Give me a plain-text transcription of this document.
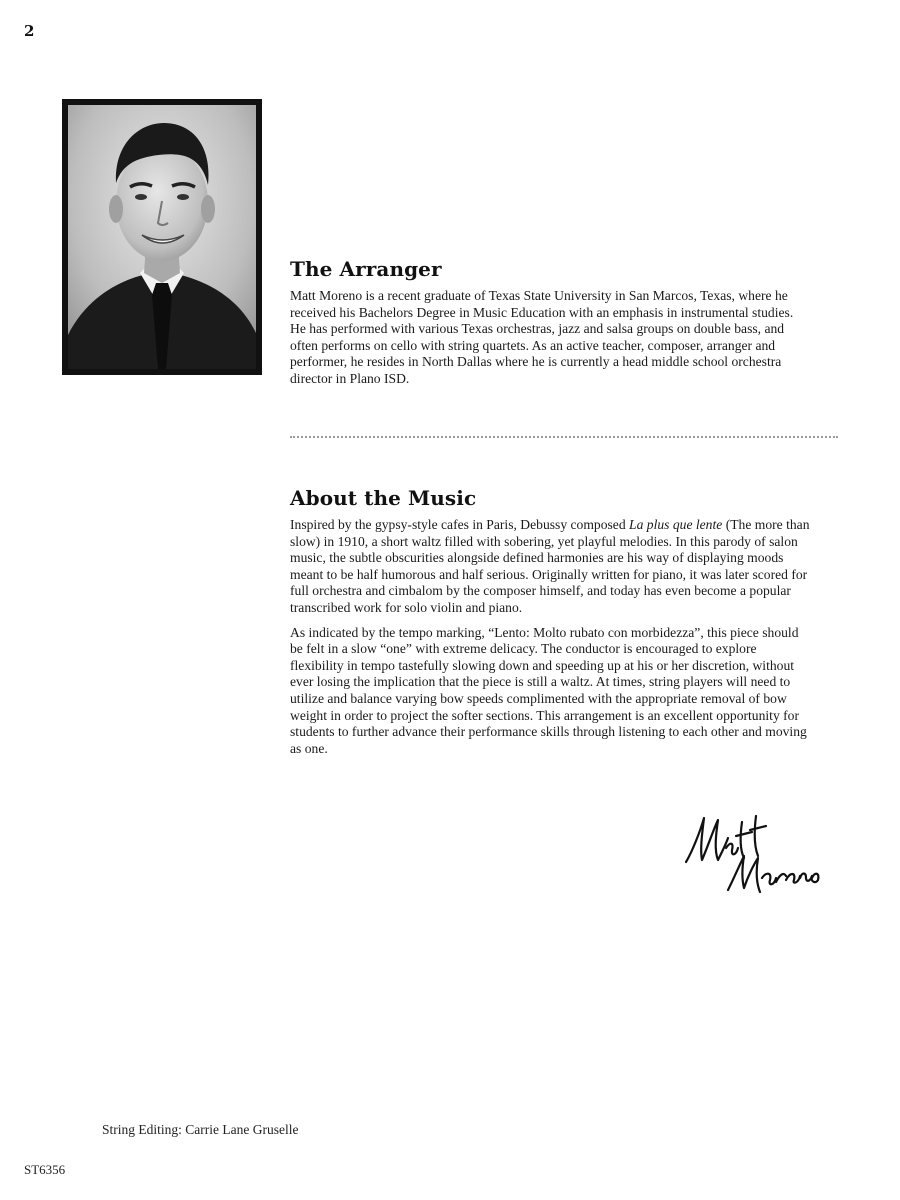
2
The Arranger

Matt Moreno is a recent graduate of Texas State University in San Marcos, Texas, where he received his Bachelors Degree in Music Education with an emphasis in instrumental studies. He has performed with various Texas orchestras, jazz and salsa groups on double bass, and often performs on cello with string quartets. As an active teacher, composer, arranger and performer, he resides in North Dallas where he is currently a head middle school orchestra director in Plano ISD.

About the Music

Inspired by the gypsy-style cafes in Paris, Debussy composed La plus que lente (The more than slow) in 1910, a short waltz filled with sobering, yet playful melodies. In this parody of salon music, the subtle obscurities alongside defined harmonies are his way of displaying moods meant to be half humorous and half serious. Originally written for piano, it was later scored for full orchestra and cimbalom by the composer himself, and today has even become a popular transcribed work for solo violin and piano.

As indicated by the tempo marking, “Lento: Molto rubato con morbidezza”, this piece should be felt in a slow “one” with extreme delicacy. The conductor is encouraged to explore flexibility in tempo tastefully slowing down and speeding up at his or her discretion, without ever losing the implication that the piece is still a waltz. At times, string players will need to utilize and balance varying bow speeds complimented with the appropriate removal of bow weight in order to project the softer sections. This arrangement is an excellent opportunity for students to further advance their performance skills through listening to each other and moving as one.

String Editing: Carrie Lane Gruselle
ST6356
